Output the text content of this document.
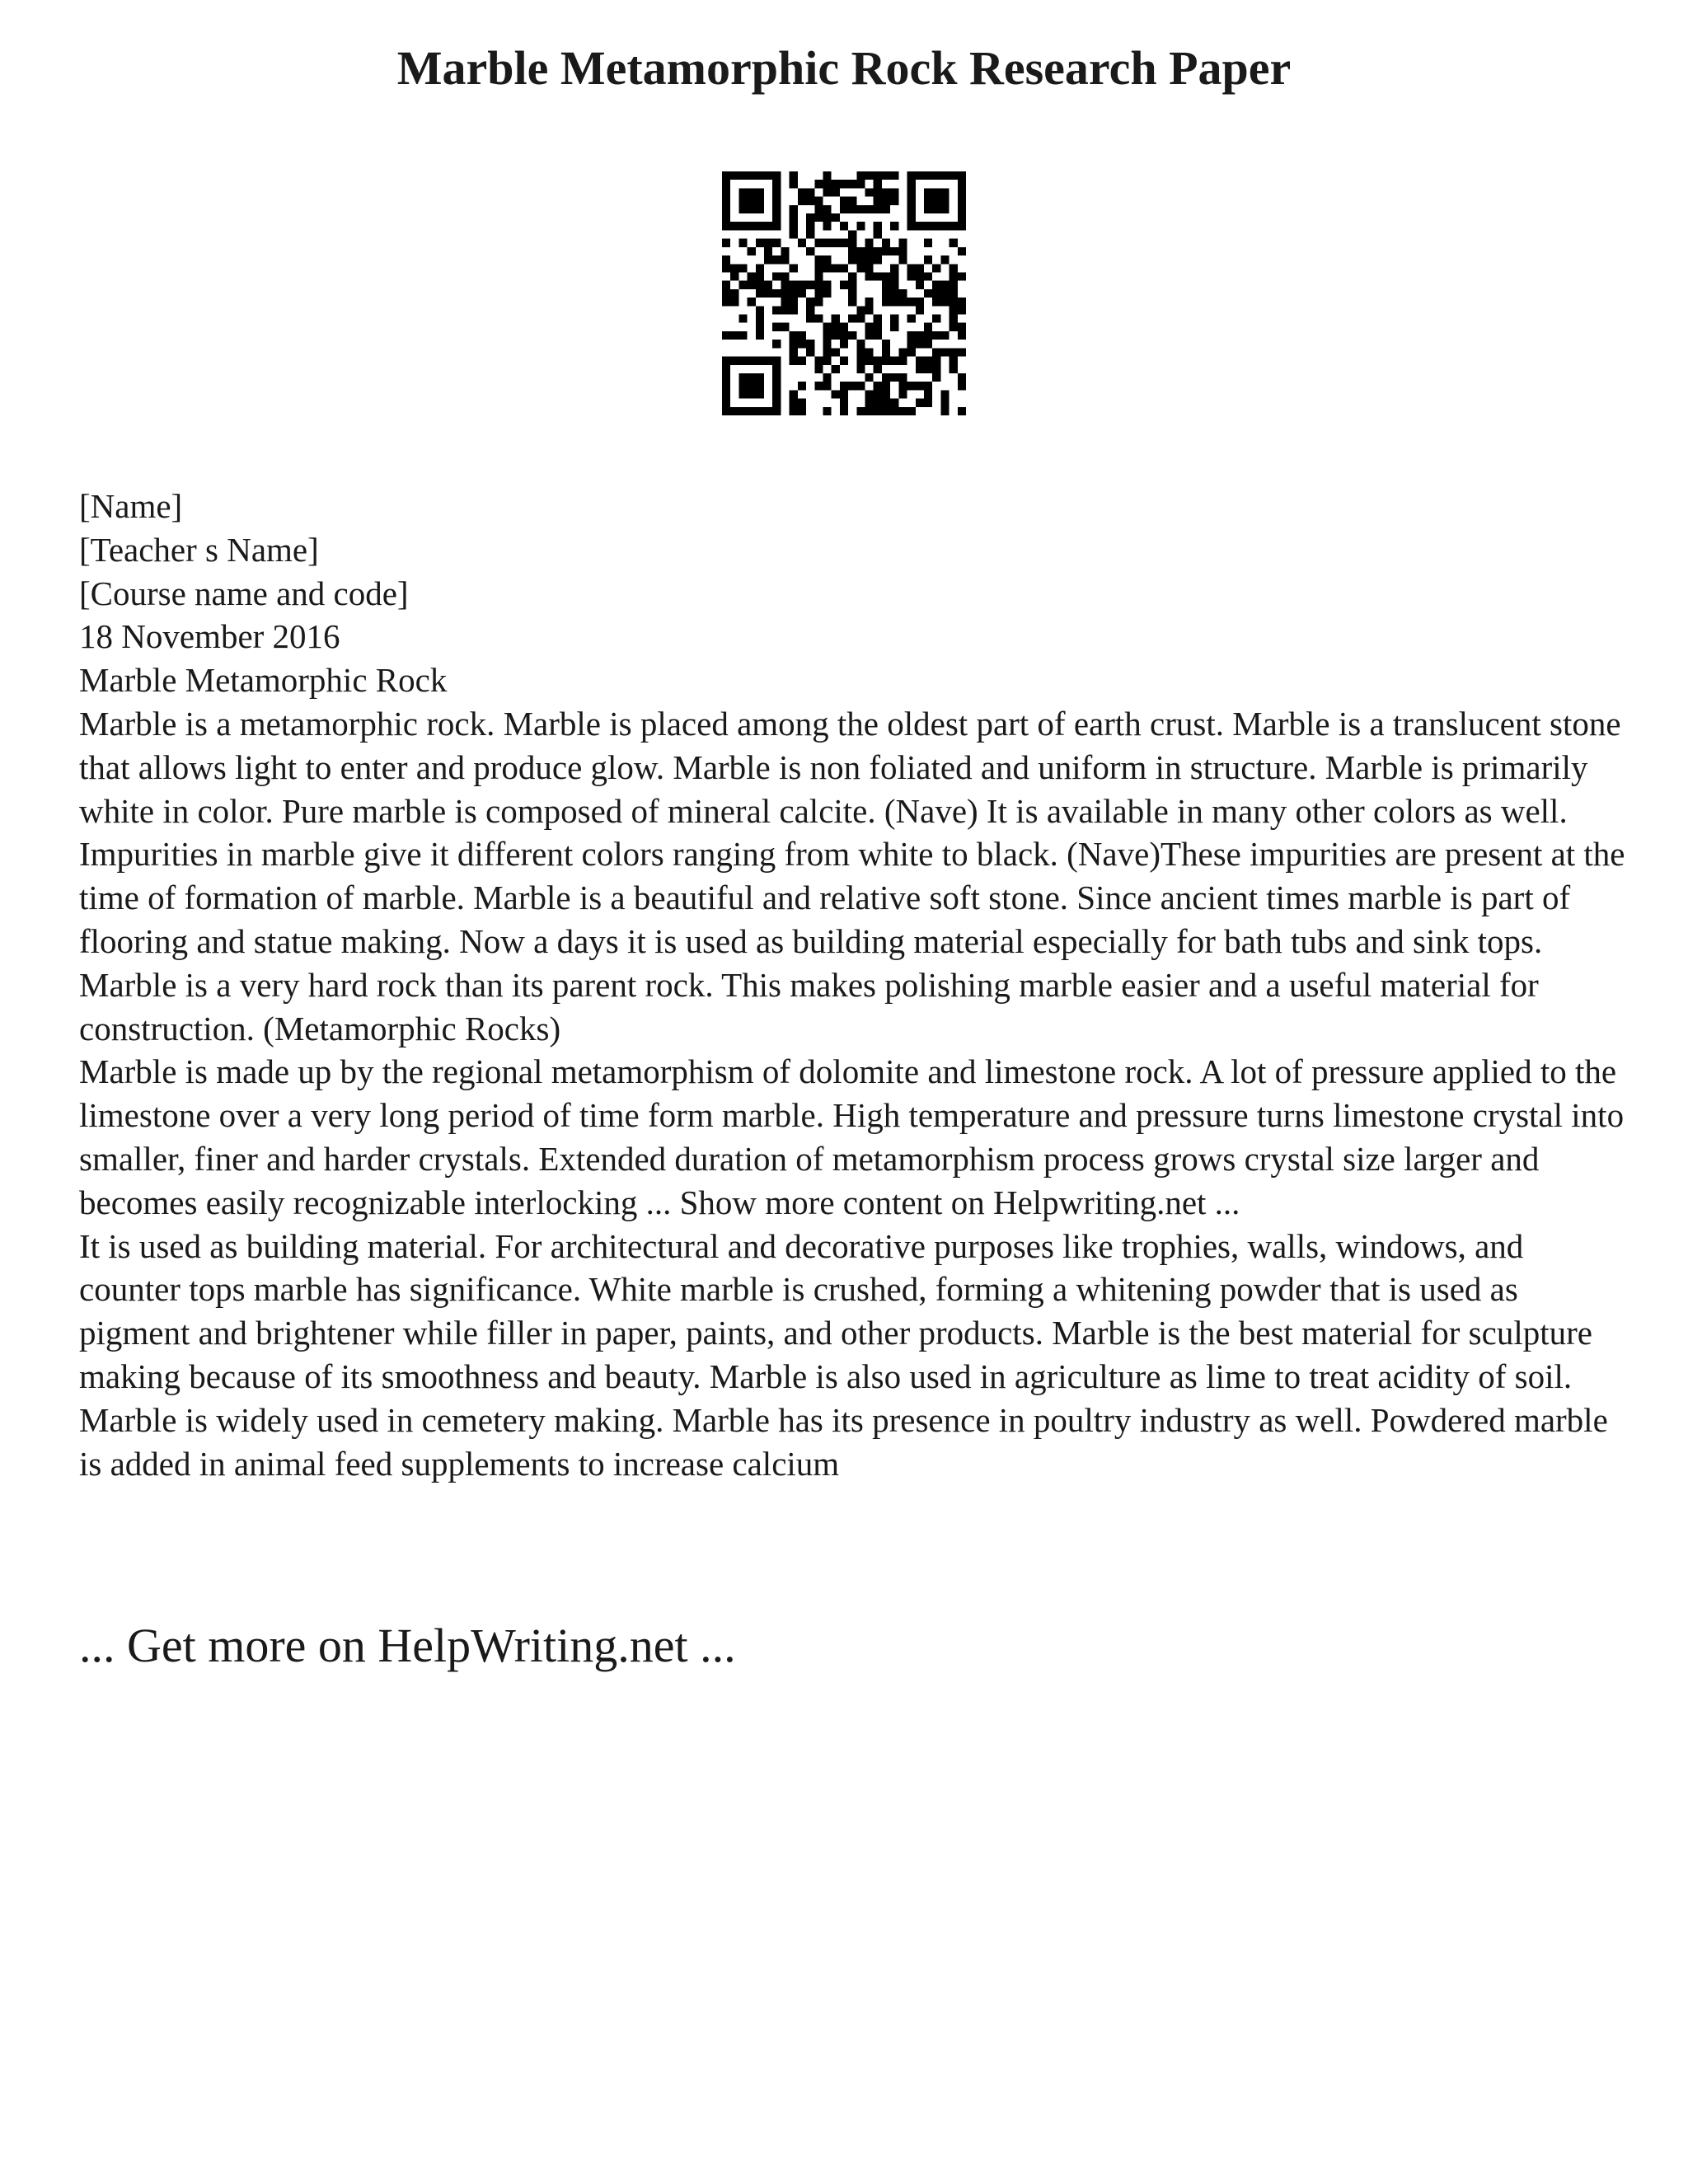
Marble Metamorphic Rock Research Paper

[Name]

[Teacher s Name]

[Course name and code]

18 November 2016

Marble Metamorphic Rock

Marble is a metamorphic rock. Marble is placed among the oldest part of earth crust. Marble is a translucent stone that allows light to enter and produce glow. Marble is non foliated and uniform in structure. Marble is primarily white in color. Pure marble is composed of mineral calcite. (Nave) It is available in many other colors as well. Impurities in marble give it different colors ranging from white to black. (Nave)These impurities are present at the time of formation of marble. Marble is a beautiful and relative soft stone. Since ancient times marble is part of flooring and statue making. Now a days it is used as building material especially for bath tubs and sink tops. Marble is a very hard rock than its parent rock. This makes polishing marble easier and a useful material for construction. (Metamorphic Rocks)

Marble is made up by the regional metamorphism of dolomite and limestone rock. A lot of pressure applied to the limestone over a very long period of time form marble. High temperature and pressure turns limestone crystal into smaller, finer and harder crystals. Extended duration of metamorphism process grows crystal size larger and becomes easily recognizable interlocking ... Show more content on Helpwriting.net ...

It is used as building material. For architectural and decorative purposes like trophies, walls, windows, and counter tops marble has significance. White marble is crushed, forming a whitening powder that is used as pigment and brightener while filler in paper, paints, and other products. Marble is the best material for sculpture making because of its smoothness and beauty. Marble is also used in agriculture as lime to treat acidity of soil. Marble is widely used in cemetery making. Marble has its presence in poultry industry as well. Powdered marble is added in animal feed supplements to increase calcium

... Get more on HelpWriting.net ...
